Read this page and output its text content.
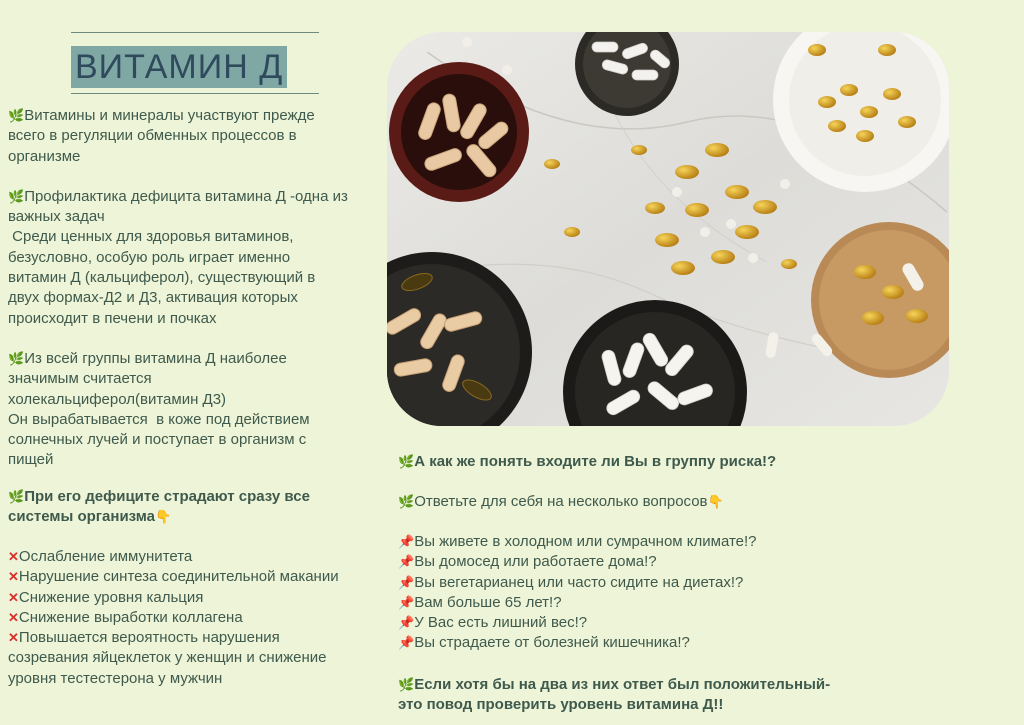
ВИТАМИН Д

🌿Витамины и минералы участвуют прежде

всего в регуляции обменных процессов в

организме

🌿Профилактика дефицита витамина Д -одна из

важных задач

Среди ценных для здоровья витаминов,

безусловно, особую роль играет именно

витамин Д (кальциферол), существующий в

двух формах-Д2 и Д3, активация которых

происходит в печени и почках

🌿Из всей группы витамина Д наиболее

значимым считается

холекальциферол(витамин Д3)

Он вырабатывается  в коже под действием

солнечных лучей и поступает в организм с

пищей

🌿При его дефиците страдают сразу все

системы организма👇

✕Ослабление иммунитета

✕Нарушение синтеза соединительной макании

✕Снижение уровня кальция

✕Снижение выработки коллагена

✕Повышается вероятность нарушения

созревания яйцеклеток у женщин и снижение

уровня тестестерона у мужчин

🌿А как же понять входите ли Вы в группу риска!?

🌿Ответьте для себя на несколько вопросов👇

📌Вы живете в холодном или сумрачном климате!?

📌Вы домосед или работаете дома!?

📌Вы вегетарианец или часто сидите на диетах!?

📌Вам больше 65 лет!?

📌У Вас есть лишний вес!?

📌Вы страдаете от болезней кишечника!?

🌿Если хотя бы на два из них ответ был положительный-

это повод проверить уровень витамина Д!!
